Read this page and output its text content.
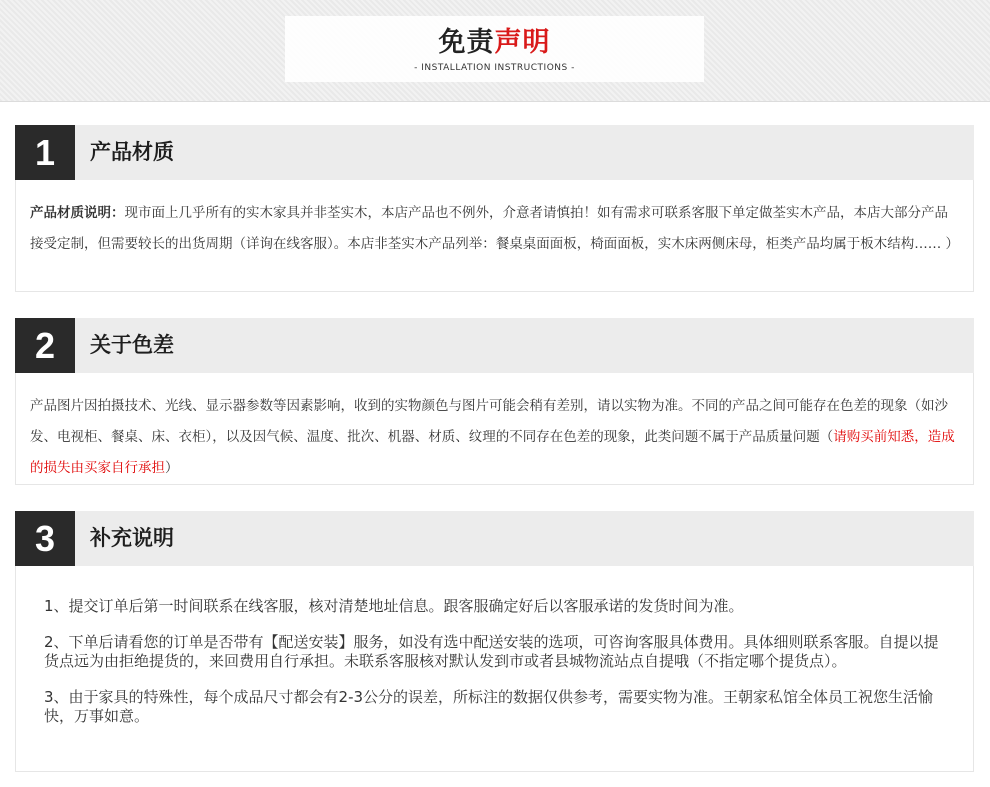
免责声明
- INSTALLATION INSTRUCTIONS -
1	产品材质
产品材质说明：现市面上几乎所有的实木家具并非荃实木，本店产品也不例外，介意者请慎拍！如有需求可联系客服下单定做荃实木产品，本店大部分产品接受定制，但需要较长的出货周期（详询在线客服）。本店非荃实木产品列举：餐桌桌面面板，椅面面板，实木床两侧床母，柜类产品均属于板木结构…… ）
2	关于色差
产品图片因拍摄技术、光线、显示器参数等因素影响，收到的实物颜色与图片可能会稍有差别，请以实物为准。不同的产品之间可能存在色差的现象（如沙发、电视柜、餐桌、床、衣柜），以及因气候、温度、批次、机器、材质、纹理的不同存在色差的现象，此类问题不属于产品质量问题（请购买前知悉，造成的损失由买家自行承担）
3	补充说明
1、提交订单后第一时间联系在线客服，核对清楚地址信息。跟客服确定好后以客服承诺的发货时间为准。
2、下单后请看您的订单是否带有【配送安装】服务，如没有选中配送安装的选项，可咨询客服具体费用。具体细则联系客服。自提以提货点远为由拒绝提货的，来回费用自行承担。未联系客服核对默认发到市或者县城物流站点自提哦（不指定哪个提货点）。
3、由于家具的特殊性，每个成品尺寸都会有2-3公分的误差，所标注的数据仅供参考，需要实物为准。王朝家私馆全体员工祝您生活愉快，万事如意。
